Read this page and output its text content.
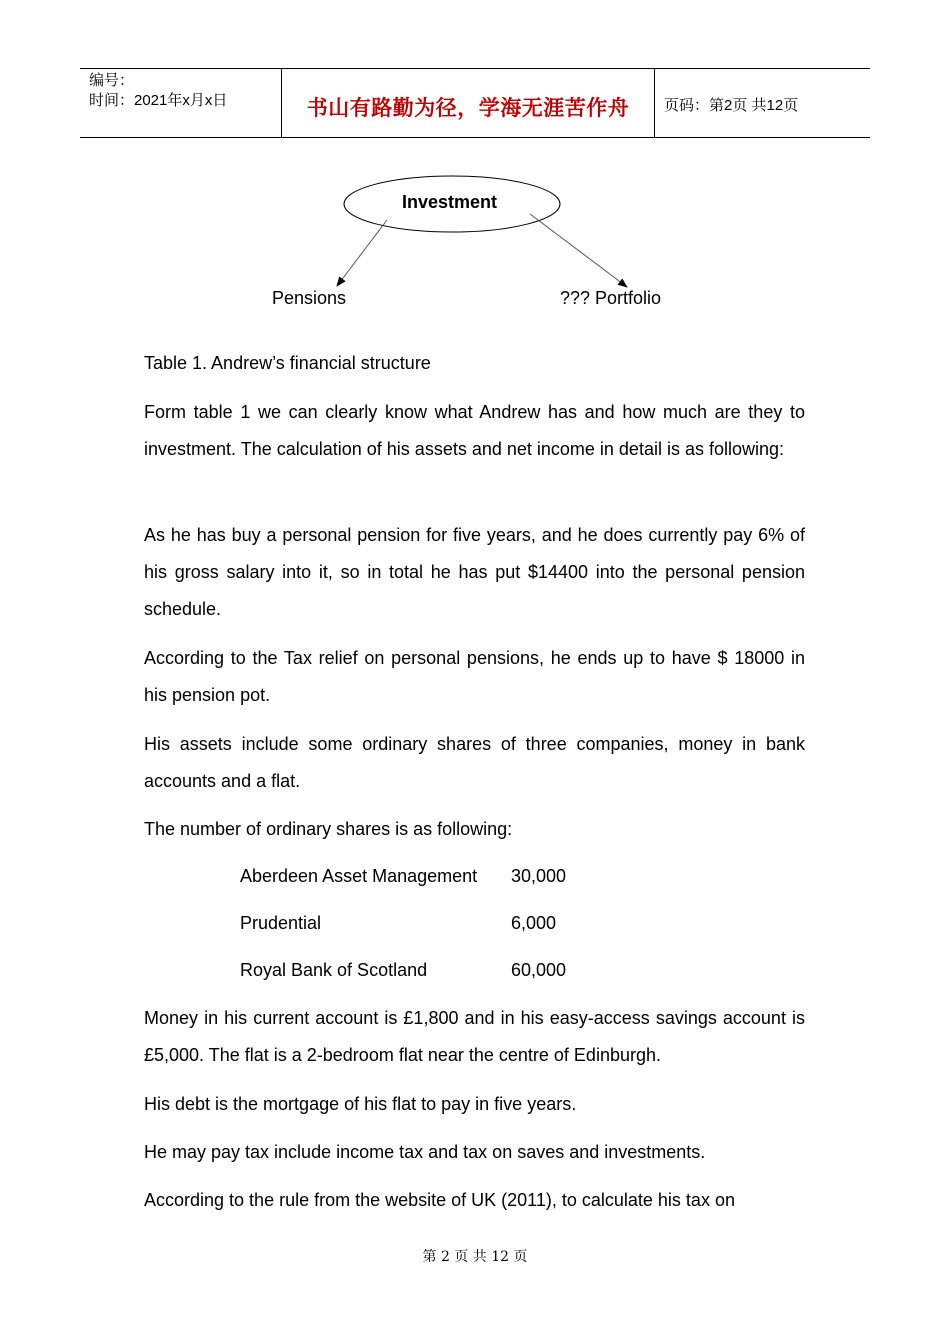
编号：
时间：2021年x月x日	书山有路勤为径，学海无涯苦作舟	页码：第2页 共12页
Investment
Pensions	??? Portfolio
Table 1. Andrew’s financial structure

Form table 1 we can clearly know what Andrew has and how much are they to investment. The calculation of his assets and net income in detail is as following:

As he has buy a personal pension for five years, and he does currently pay 6% of his gross salary into it, so in total he has put $14400 into the personal pension schedule.

According to the Tax relief on personal pensions, he ends up to have $ 18000 in his pension pot.

His assets include some ordinary shares of three companies, money in bank accounts and a flat.

The number of ordinary shares is as following:

Aberdeen Asset Management 30,000
Prudential	6,000
Royal Bank of Scotland	60,000

Money in his current account is £1,800 and in his easy-access savings account is £5,000. The flat is a 2-bedroom flat near the centre of Edinburgh.

His debt is the mortgage of his flat to pay in five years.

He may pay tax include income tax and tax on saves and investments.

According to the rule from the website of UK (2011), to calculate his tax on

第 2 页 共 12 页
